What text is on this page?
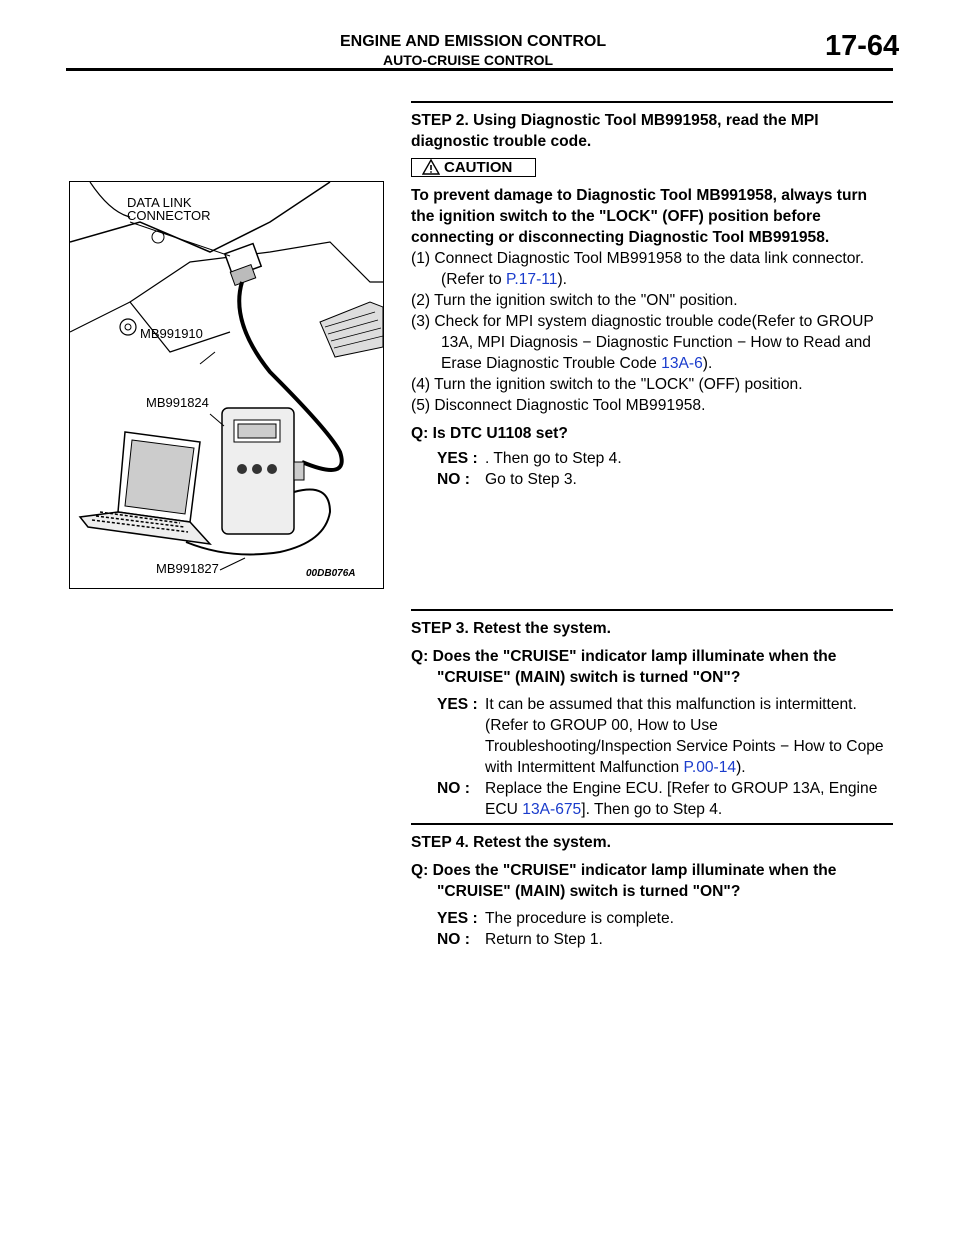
ENGINE AND EMISSION CONTROL
AUTO-CRUISE CONTROL	17-64
DATA LINK
CONNECTOR
MB991910
MB991824
MB991827	00DB076A
STEP 2. Using Diagnostic Tool MB991958, read the MPI diagnostic trouble code.
CAUTION
To prevent damage to Diagnostic Tool MB991958, always turn the ignition switch to the "LOCK" (OFF) position before connecting or disconnecting Diagnostic Tool MB991958.
(1) Connect Diagnostic Tool MB991958 to the data link connector. (Refer to P.17-11).
(2) Turn the ignition switch to the "ON" position.
(3) Check for MPI system diagnostic trouble code(Refer to GROUP 13A, MPI Diagnosis − Diagnostic Function − How to Read and Erase Diagnostic Trouble Code 13A-6).
(4) Turn the ignition switch to the "LOCK" (OFF) position.
(5) Disconnect Diagnostic Tool MB991958.
Q: Is DTC U1108 set?
YES : . Then go to Step 4.
NO : Go to Step 3.
STEP 3. Retest the system.
Q: Does the "CRUISE" indicator lamp illuminate when the "CRUISE" (MAIN) switch is turned "ON"?
YES : It can be assumed that this malfunction is intermittent. (Refer to GROUP 00, How to Use Troubleshooting/Inspection Service Points − How to Cope with Intermittent Malfunction P.00-14).
NO : Replace the Engine ECU. [Refer to GROUP 13A, Engine ECU 13A-675]. Then go to Step 4.
STEP 4. Retest the system.
Q: Does the "CRUISE" indicator lamp illuminate when the "CRUISE" (MAIN) switch is turned "ON"?
YES : The procedure is complete.
NO : Return to Step 1.
